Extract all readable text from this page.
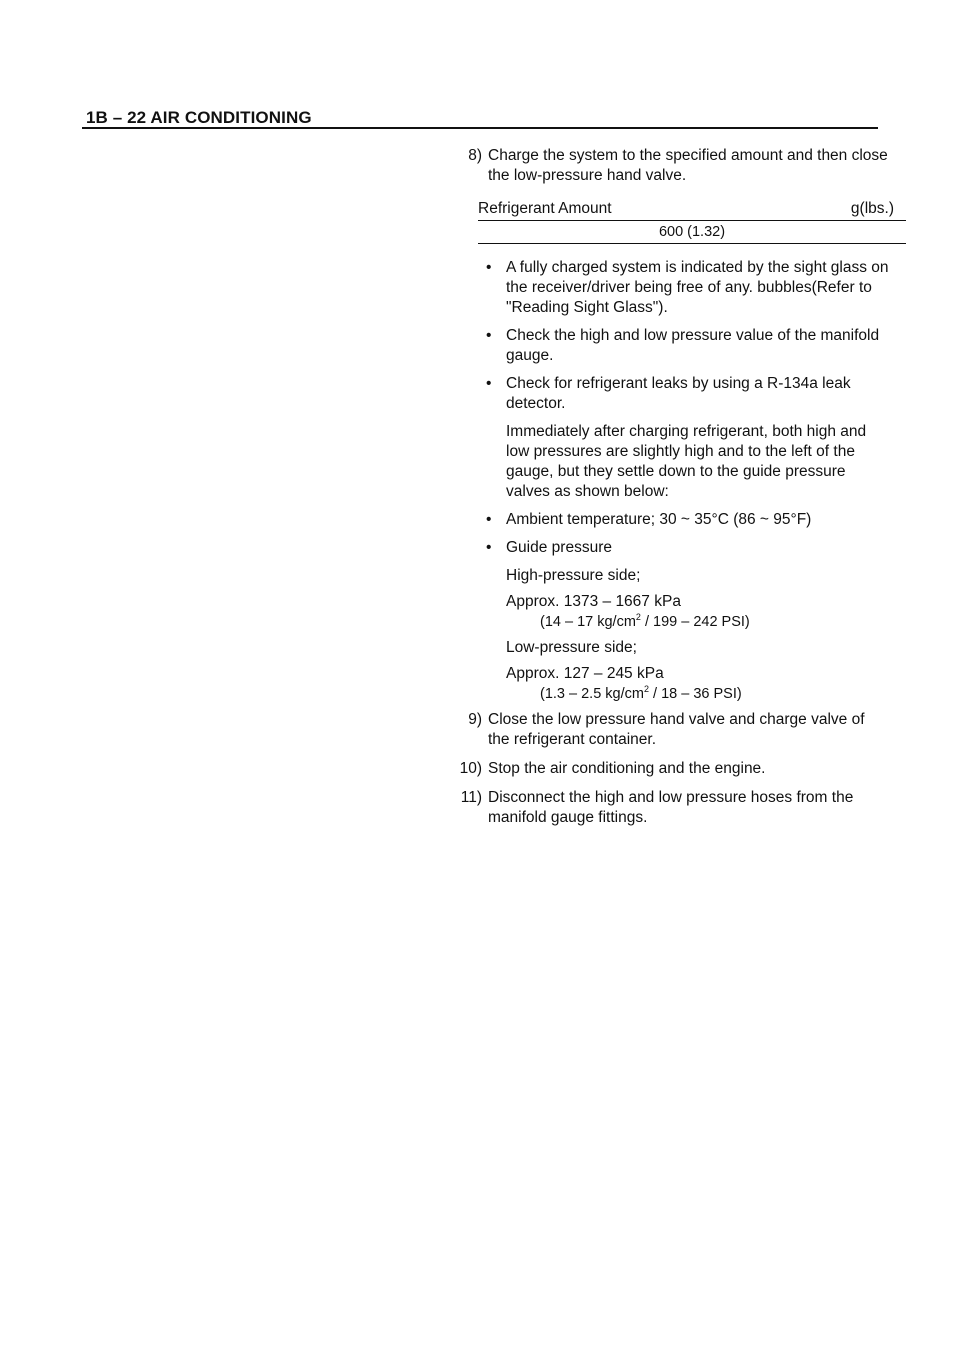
1B – 22 AIR CONDITIONING
8) Charge the system to the specified amount and then close the low-pressure hand valve.
Refrigerant Amount	g(lbs.)
600 (1.32)
• A fully charged system is indicated by the sight glass on the receiver/driver being free of any. bubbles(Refer to "Reading Sight Glass").
• Check the high and low pressure value of the manifold gauge.
• Check for refrigerant leaks by using a R-134a leak detector.
Immediately after charging refrigerant, both high and low pressures are slightly high and to the left of the gauge, but they settle down to the guide pressure valves as shown below:
• Ambient temperature; 30 ~ 35°C (86 ~ 95°F)
• Guide pressure
High-pressure side;
Approx. 1373 – 1667 kPa
(14 – 17 $kg/cm^2 / 199 - 242$ PSI)
Low-pressure side;
Approx. 127 – 245 kPa
(1.3 – 2.5 $kg/cm^2 / 18 - 36$ PSI)
9) Close the low pressure hand valve and charge valve of the refrigerant container.
10) Stop the air conditioning and the engine.
11) Disconnect the high and low pressure hoses from the manifold gauge fittings.
